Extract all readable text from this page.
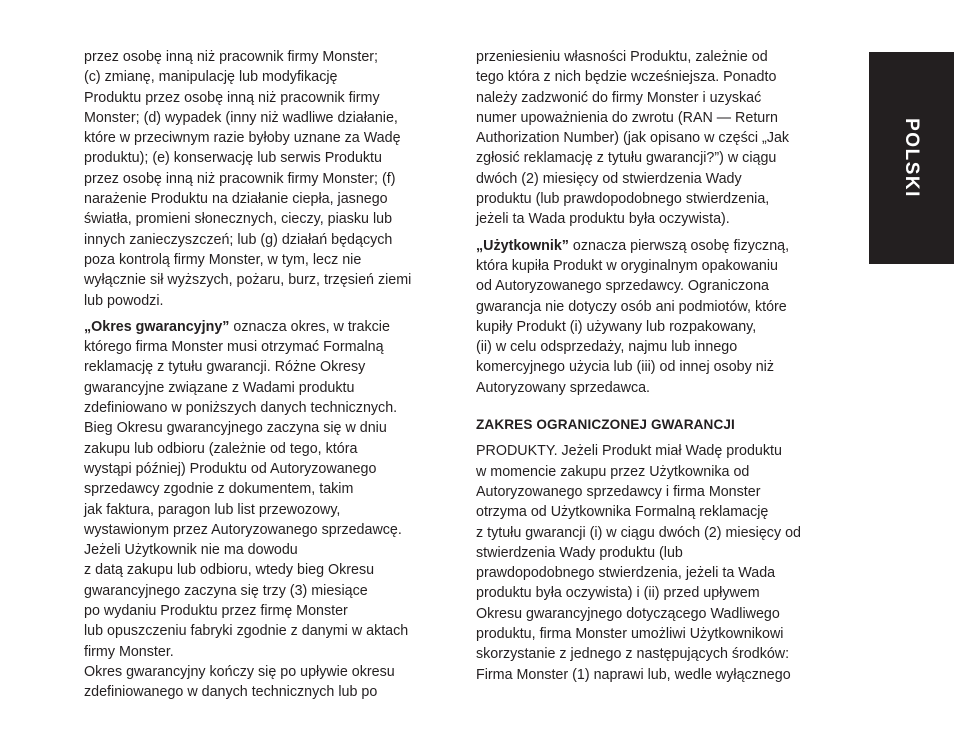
przez osobę inną niż pracownik firmy Monster;
(c) zmianę, manipulację lub modyfikację
Produktu przez osobę inną niż pracownik firmy
Monster; (d) wypadek (inny niż wadliwe działanie,
które w przeciwnym razie byłoby uznane za Wadę
produktu); (e) konserwację lub serwis Produktu
przez osobę inną niż pracownik firmy Monster; (f)
narażenie Produktu na działanie ciepła, jasnego
światła, promieni słonecznych, cieczy, piasku lub
innych zanieczyszczeń; lub (g) działań będących
poza kontrolą firmy Monster, w tym, lecz nie
wyłącznie sił wyższych, pożaru, burz, trzęsień ziemi
lub powodzi.
„Okres gwarancyjny” oznacza okres, w trakcie
którego firma Monster musi otrzymać Formalną
reklamację z tytułu gwarancji. Różne Okresy
gwarancyjne związane z Wadami produktu
zdefiniowano w poniższych danych technicznych.
Bieg Okresu gwarancyjnego zaczyna się w dniu
zakupu lub odbioru (zależnie od tego, która
wystąpi później) Produktu od Autoryzowanego
sprzedawcy zgodnie z dokumentem, takim
jak faktura, paragon lub list przewozowy,
wystawionym przez Autoryzowanego sprzedawcę.
Jeżeli Użytkownik nie ma dowodu
z datą zakupu lub odbioru, wtedy bieg Okresu
gwarancyjnego zaczyna się trzy (3) miesiące
po wydaniu Produktu przez firmę Monster
lub opuszczeniu fabryki zgodnie z danymi w aktach
firmy Monster.
Okres gwarancyjny kończy się po upływie okresu
zdefiniowanego w danych technicznych lub po
przeniesieniu własności Produktu, zależnie od
tego która z nich będzie wcześniejsza. Ponadto
należy zadzwonić do firmy Monster i uzyskać
numer upoważnienia do zwrotu (RAN — Return
Authorization Number) (jak opisano w części „Jak
zgłosić reklamację z tytułu gwarancji?”) w ciągu
dwóch (2) miesięcy od stwierdzenia Wady
produktu (lub prawdopodobnego stwierdzenia,
jeżeli ta Wada produktu była oczywista).
„Użytkownik” oznacza pierwszą osobę fizyczną,
która kupiła Produkt w oryginalnym opakowaniu
od Autoryzowanego sprzedawcy. Ograniczona
gwarancja nie dotyczy osób ani podmiotów, które
kupiły Produkt (i) używany lub rozpakowany,
(ii) w celu odsprzedaży, najmu lub innego
komercyjnego użycia lub (iii) od innej osoby niż
Autoryzowany sprzedawca.
ZAKRES OGRANICZONEJ GWARANCJI
PRODUKTY. Jeżeli Produkt miał Wadę produktu
w momencie zakupu przez Użytkownika od
Autoryzowanego sprzedawcy i firma Monster
otrzyma od Użytkownika Formalną reklamację
z tytułu gwarancji (i) w ciągu dwóch (2) miesięcy od
stwierdzenia Wady produktu (lub
prawdopodobnego stwierdzenia, jeżeli ta Wada
produktu była oczywista) i (ii) przed upływem
Okresu gwarancyjnego dotyczącego Wadliwego
produktu, firma Monster umożliwi Użytkownikowi
skorzystanie z jednego z następujących środków:
Firma Monster (1) naprawi lub, wedle wyłącznego
POLSKI
